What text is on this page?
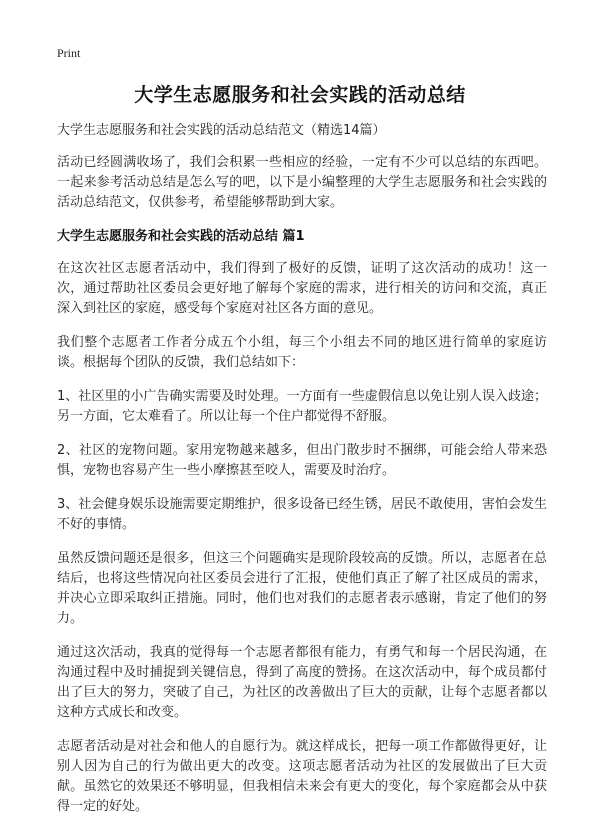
Print
大学生志愿服务和社会实践的活动总结

大学生志愿服务和社会实践的活动总结范文（精选14篇）

活动已经圆满收场了，我们会积累一些相应的经验，一定有不少可以总结的东西吧。一起来参考活动总结是怎么写的吧，以下是小编整理的大学生志愿服务和社会实践的活动总结范文，仅供参考，希望能够帮助到大家。

大学生志愿服务和社会实践的活动总结 篇1

在这次社区志愿者活动中，我们得到了极好的反馈，证明了这次活动的成功！这一次，通过帮助社区委员会更好地了解每个家庭的需求，进行相关的访问和交流，真正深入到社区的家庭，感受每个家庭对社区各方面的意见。

我们整个志愿者工作者分成五个小组，每三个小组去不同的地区进行简单的家庭访谈。根据每个团队的反馈，我们总结如下：

1、社区里的小广告确实需要及时处理。一方面有一些虚假信息以免让别人误入歧途；另一方面，它太难看了。所以让每一个住户都觉得不舒服。

2、社区的宠物问题。家用宠物越来越多，但出门散步时不捆绑，可能会给人带来恐惧，宠物也容易产生一些小摩擦甚至咬人，需要及时治疗。

3、社会健身娱乐设施需要定期维护，很多设备已经生锈，居民不敢使用，害怕会发生不好的事情。

虽然反馈问题还是很多，但这三个问题确实是现阶段较高的反馈。所以，志愿者在总结后，也将这些情况向社区委员会进行了汇报，使他们真正了解了社区成员的需求，并决心立即采取纠正措施。同时，他们也对我们的志愿者表示感谢，肯定了他们的努力。

通过这次活动，我真的觉得每一个志愿者都很有能力，有勇气和每一个居民沟通，在沟通过程中及时捕捉到关键信息，得到了高度的赞扬。在这次活动中，每个成员都付出了巨大的努力，突破了自己，为社区的改善做出了巨大的贡献，让每个志愿者都以这种方式成长和改变。

志愿者活动是对社会和他人的自愿行为。就这样成长，把每一项工作都做得更好，让别人因为自己的行为做出更大的改变。这项志愿者活动为社区的发展做出了巨大贡献。虽然它的效果还不够明显，但我相信未来会有更大的变化，每个家庭都会从中获得一定的好处。
